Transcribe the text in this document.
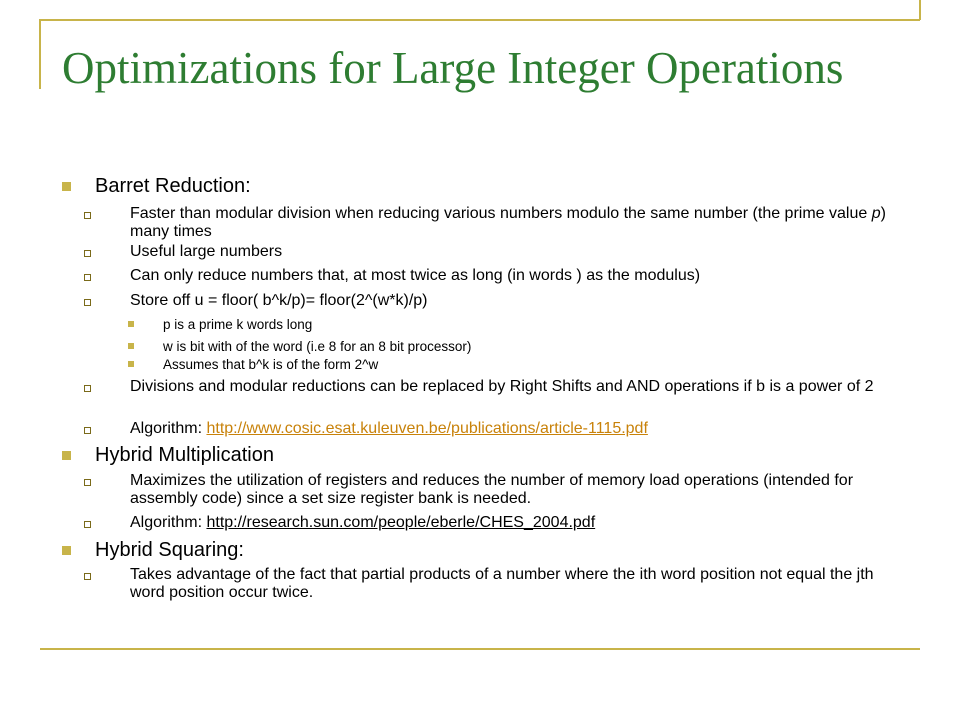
Optimizations for Large Integer Operations
Barret Reduction:
Faster than modular division when reducing various numbers modulo the same number (the prime value p) many times
Useful large numbers
Can only reduce numbers that, at most twice as long (in words ) as the modulus)
Store off u = floor( b^k/p)= floor(2^(w*k)/p)
p is a prime k words long
w is bit with of the word (i.e 8 for an 8 bit processor)
Assumes that b^k is of the form 2^w
Divisions and modular reductions can be replaced by Right Shifts and AND operations if b is a power of 2
Algorithm: http://www.cosic.esat.kuleuven.be/publications/article-1115.pdf
Hybrid Multiplication
Maximizes the utilization of registers and reduces the number of memory load operations (intended for assembly code) since a set size register bank is needed.
Algorithm: http://research.sun.com/people/eberle/CHES_2004.pdf
Hybrid Squaring:
Takes advantage of the fact that partial products of a number where the ith word position not equal the jth word position occur twice.
